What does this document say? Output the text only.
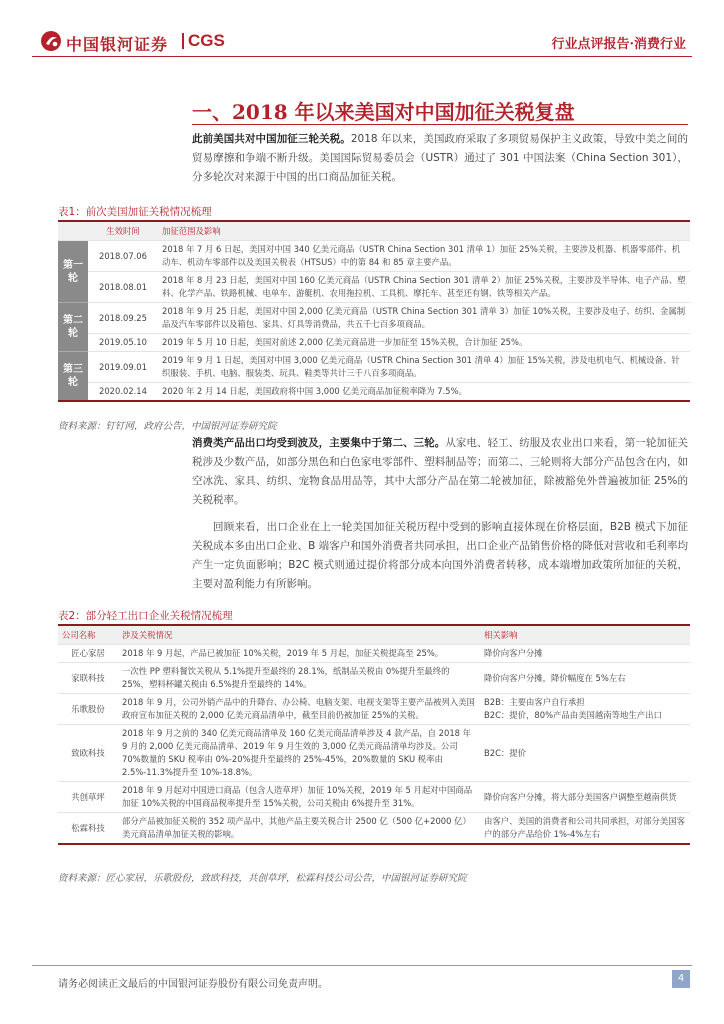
中国银河证券 CGS	行业点评报告·消费行业
一、2018 年以来美国对中国加征关税复盘
此前美国共对中国加征三轮关税。2018 年以来，美国政府采取了多项贸易保护主义政策，导致中美之间的贸易摩擦和争端不断升级。美国国际贸易委员会（USTR）通过了 301 中国法案（China Section 301），分多轮次对来源于中国的出口商品加征关税。
表1：前次美国加征关税情况梳理
	生效时间	加征范围及影响
第一轮	2018.07.06	2018 年 7 月 6 日起，美国对中国 340 亿美元商品（USTR China Section 301 清单 1）加征 25%关税，主要涉及机器、机器零部件、机动车、机动车零部件以及美国关税表（HTSUS）中的第 84 和 85 章主要产品。
	2018.08.01	2018 年 8 月 23 日起，美国对中国 160 亿美元商品（USTR China Section 301 清单 2）加征 25%关税，主要涉及半导体、电子产品、塑料、化学产品、铁路机械、电单车、游艇机、农用拖拉机、工具机、摩托车、甚至还有钢、铁等相关产品。
第二轮	2018.09.25	2018 年 9 月 25 日起，美国对中国 2,000 亿美元商品（USTR China Section 301 清单 3）加征 10%关税，主要涉及电子、纺织、金属制品及汽车零部件以及箱包、家具、灯具等消费品，共五千七百多项商品。
	2019.05.10	2019 年 5 月 10 日起，美国对前述 2,000 亿美元商品进一步加征至 15%关税，合计加征 25%。
第三轮	2019.09.01	2019 年 9 月 1 日起，美国对中国 3,000 亿美元商品（USTR China Section 301 清单 4）加征 15%关税，涉及电机电气、机械设备、针织服装、手机、电脑、服装类、玩具、鞋类等共计三千八百多项商品。
	2020.02.14	2020 年 2 月 14 日起，美国政府将中国 3,000 亿美元商品加征税率降为 7.5%。
资料来源：钉钉网，政府公告，中国银河证券研究院
消费类产品出口均受到波及，主要集中于第二、三轮。从家电、轻工、纺服及农业出口来看，第一轮加征关税涉及少数产品，如部分黑色和白色家电零部件、塑料制品等；而第二、三轮则将大部分产品包含在内，如空冰洗、家具、纺织、宠物食品用品等，其中大部分产品在第二轮被加征，除被豁免外普遍被加征 25%的关税税率。
回顾来看，出口企业在上一轮美国加征关税历程中受到的影响直接体现在价格层面，B2B 模式下加征关税成本多由出口企业、B 端客户和国外消费者共同承担，出口企业产品销售价格的降低对营收和毛利率均产生一定负面影响；B2C 模式则通过提价将部分成本向国外消费者转移，成本端增加政策所加征的关税，主要对盈利能力有所影响。
表2：部分轻工出口企业关税情况梳理
公司名称	涉及关税情况	相关影响
匠心家居	2018 年 9 月起，产品已被加征 10%关税，2019 年 5 月起，加征关税提高至 25%。	降价向客户分摊
家联科技	一次性 PP 塑料餐饮关税从 5.1%提升至最终的 28.1%，纸制品关税由 0%提升至最终的 25%，塑料杯罐关税由 6.5%提升至最终的 14%。	降价向客户分摊，降价幅度在 5%左右
乐歌股份	2018 年 9 月，公司外销产品中的升降台、办公椅、电脑支架、电视支架等主要产品被列入美国政府宣布加征关税的 2,000 亿美元商品清单中，截至目前仍被加征 25%的关税。	B2B：主要由客户自行承担
B2C：提价，80%产品由美国越南等地生产出口
致欧科技	2018 年 9 月之前的 340 亿美元商品清单及 160 亿美元商品清单涉及 4 款产品，自 2018 年 9 月的 2,000 亿美元商品清单、2019 年 9 月生效的 3,000 亿美元商品清单均涉及。公司 70%数量的 SKU 税率由 0%-20%提升至最终的 25%-45%，20%数量的 SKU 税率由 2.5%-11.3%提升至 10%-18.8%。	B2C：提价
共创草坪	2018 年 9 月起对中国进口商品（包含人造草坪）加征 10%关税，2019 年 5 月起对中国商品加征 10%关税的中国商品税率提升至 15%关税，公司关税由 6%提升至 31%。	降价向客户分摊，将大部分美国客户调整至越南供货
松霖科技	部分产品被加征关税的 352 项产品中，其他产品主要关税合计 2500 亿（500 亿+2000 亿）美元商品清单加征关税的影响。	由客户、美国的消费者和公司共同承担，对部分美国客户的部分产品给价 1%-4%左右
资料来源：匠心家居，乐歌股份，致欧科技，共创草坪，松霖科技公司公告，中国银河证券研究院
请务必阅读正文最后的中国银河证券股份有限公司免责声明。
4
